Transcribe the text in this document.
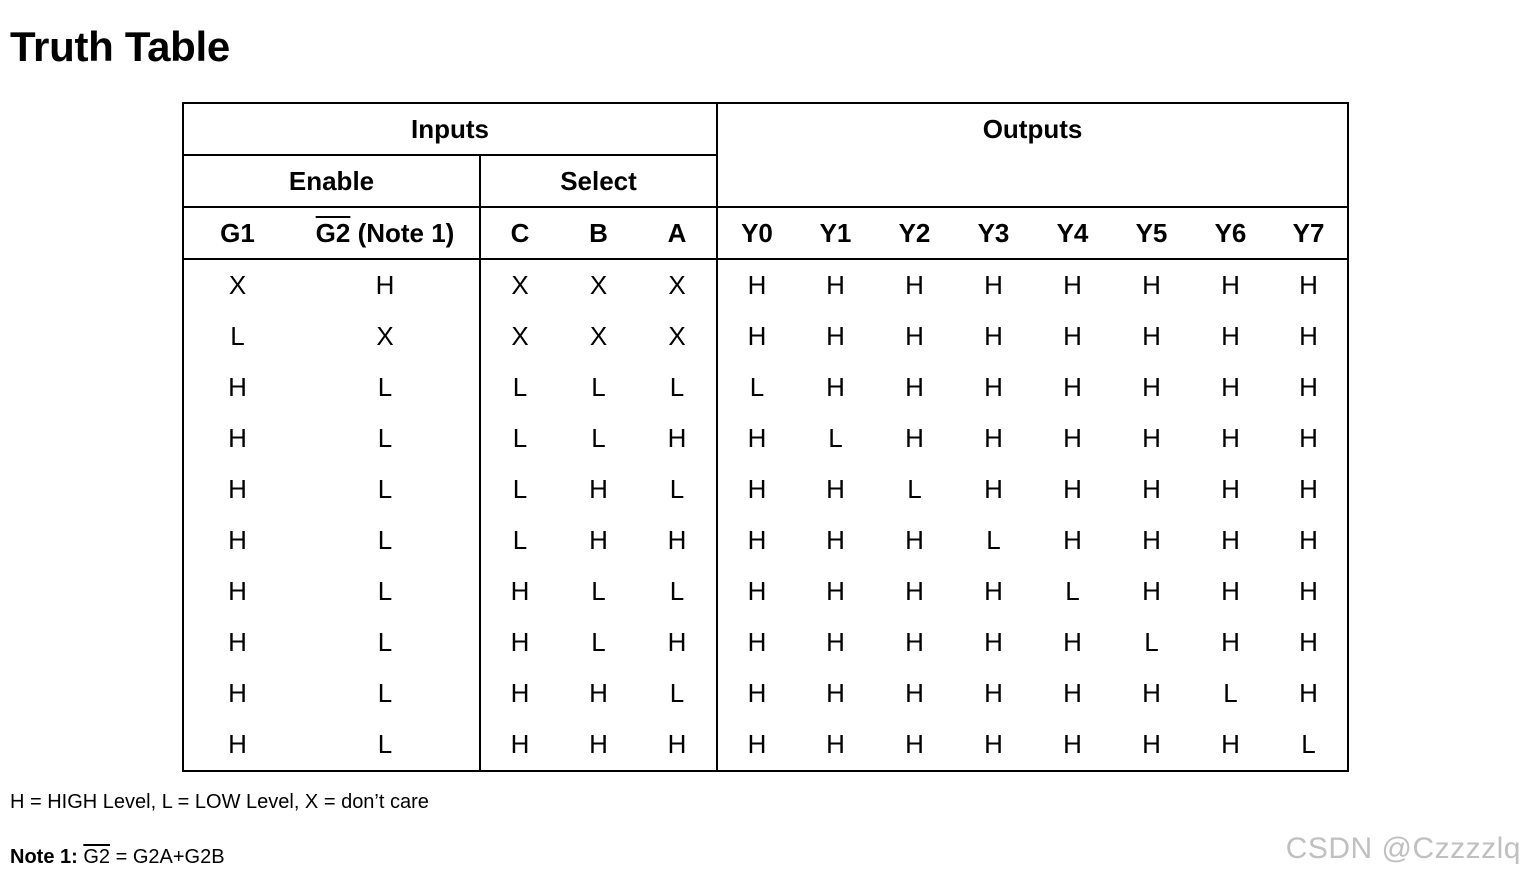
Truth Table
Inputs					Outputs							
Enable		Select										
G1	G2 (Note 1)	C	B	A	Y0	Y1	Y2	Y3	Y4	Y5	Y6	Y7
X	H	X	X	X	H	H	H	H	H	H	H	H
L	X	X	X	X	H	H	H	H	H	H	H	H
H	L	L	L	L	L	H	H	H	H	H	H	H
H	L	L	L	H	H	L	H	H	H	H	H	H
H	L	L	H	L	H	H	L	H	H	H	H	H
H	L	L	H	H	H	H	H	L	H	H	H	H
H	L	H	L	L	H	H	H	H	L	H	H	H
H	L	H	L	H	H	H	H	H	H	L	H	H
H	L	H	H	L	H	H	H	H	H	H	L	H
H	L	H	H	H	H	H	H	H	H	H	H	L
H = HIGH Level, L = LOW Level, X = don’t care
Note 1: G2 = G2A+G2B	CSDN @Czzzzlq
